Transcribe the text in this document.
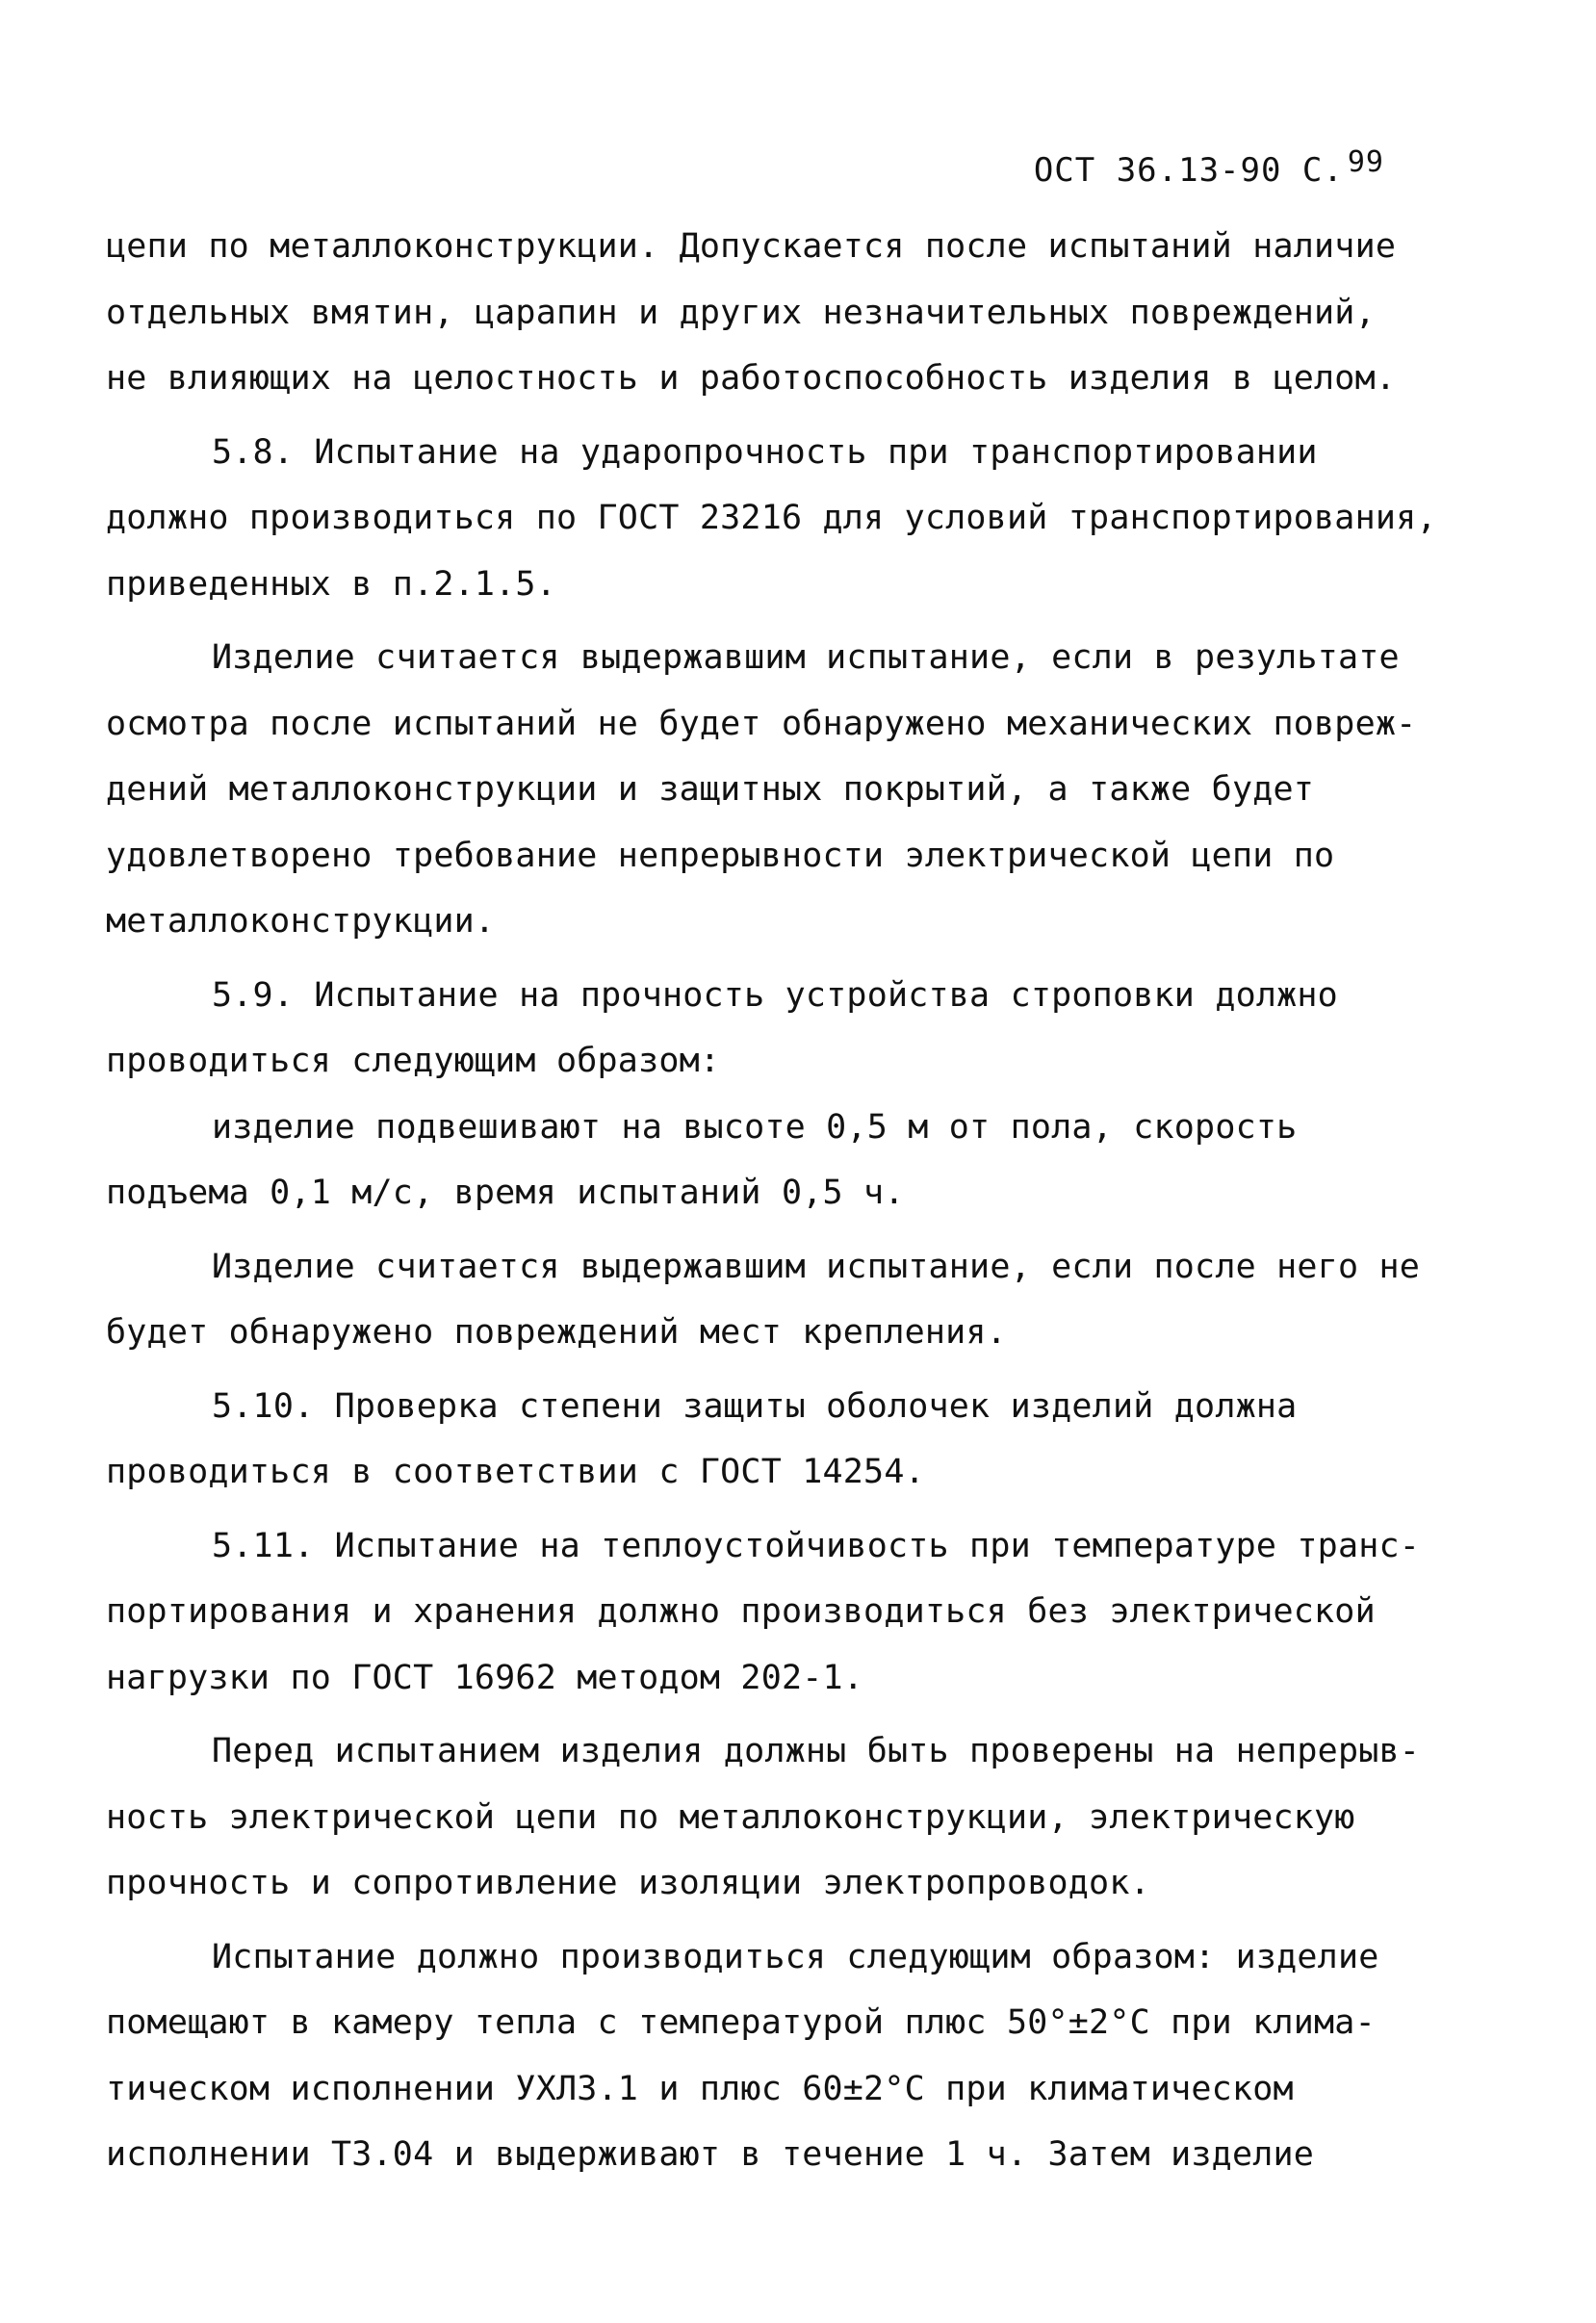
ОСТ 36.13-90 С. 99
цепи по металлоконструкции. Допускается после испытаний наличие
отдельных вмятин, царапин и других незначительных повреждений,
не влияющих на целостность и работоспособность изделия в целом.
5.8. Испытание на ударопрочность при транспортировании
должно производиться по ГОСТ 23216 для условий транспортирования,
приведенных в п.2.1.5.
Изделие считается выдержавшим испытание, если в результате
осмотра после испытаний не будет обнаружено механических повреж-
дений металлоконструкции и защитных покрытий, а также будет
удовлетворено требование непрерывности электрической цепи по
металлоконструкции.
5.9. Испытание на прочность устройства строповки должно
проводиться следующим образом:
изделие подвешивают на высоте 0,5 м от пола, скорость
подъема 0,1 м/с, время испытаний 0,5 ч.
Изделие считается выдержавшим испытание, если после него не
будет обнаружено повреждений мест крепления.
5.10. Проверка степени защиты оболочек изделий должна
проводиться в соответствии с ГОСТ 14254.
5.11. Испытание на теплоустойчивость при температуре транс-
портирования и хранения должно производиться без электрической
нагрузки по ГОСТ 16962 методом 202-1.
Перед испытанием изделия должны быть проверены на непрерыв-
ность электрической цепи по металлоконструкции, электрическую
прочность и сопротивление изоляции электропроводок.
Испытание должно производиться следующим образом: изделие
помещают в камеру тепла с температурой плюс 50°±2°С при клима-
тическом исполнении УХЛ3.1 и плюс 60±2°С при климатическом
исполнении Т3.04 и выдерживают в течение 1 ч. Затем изделие
